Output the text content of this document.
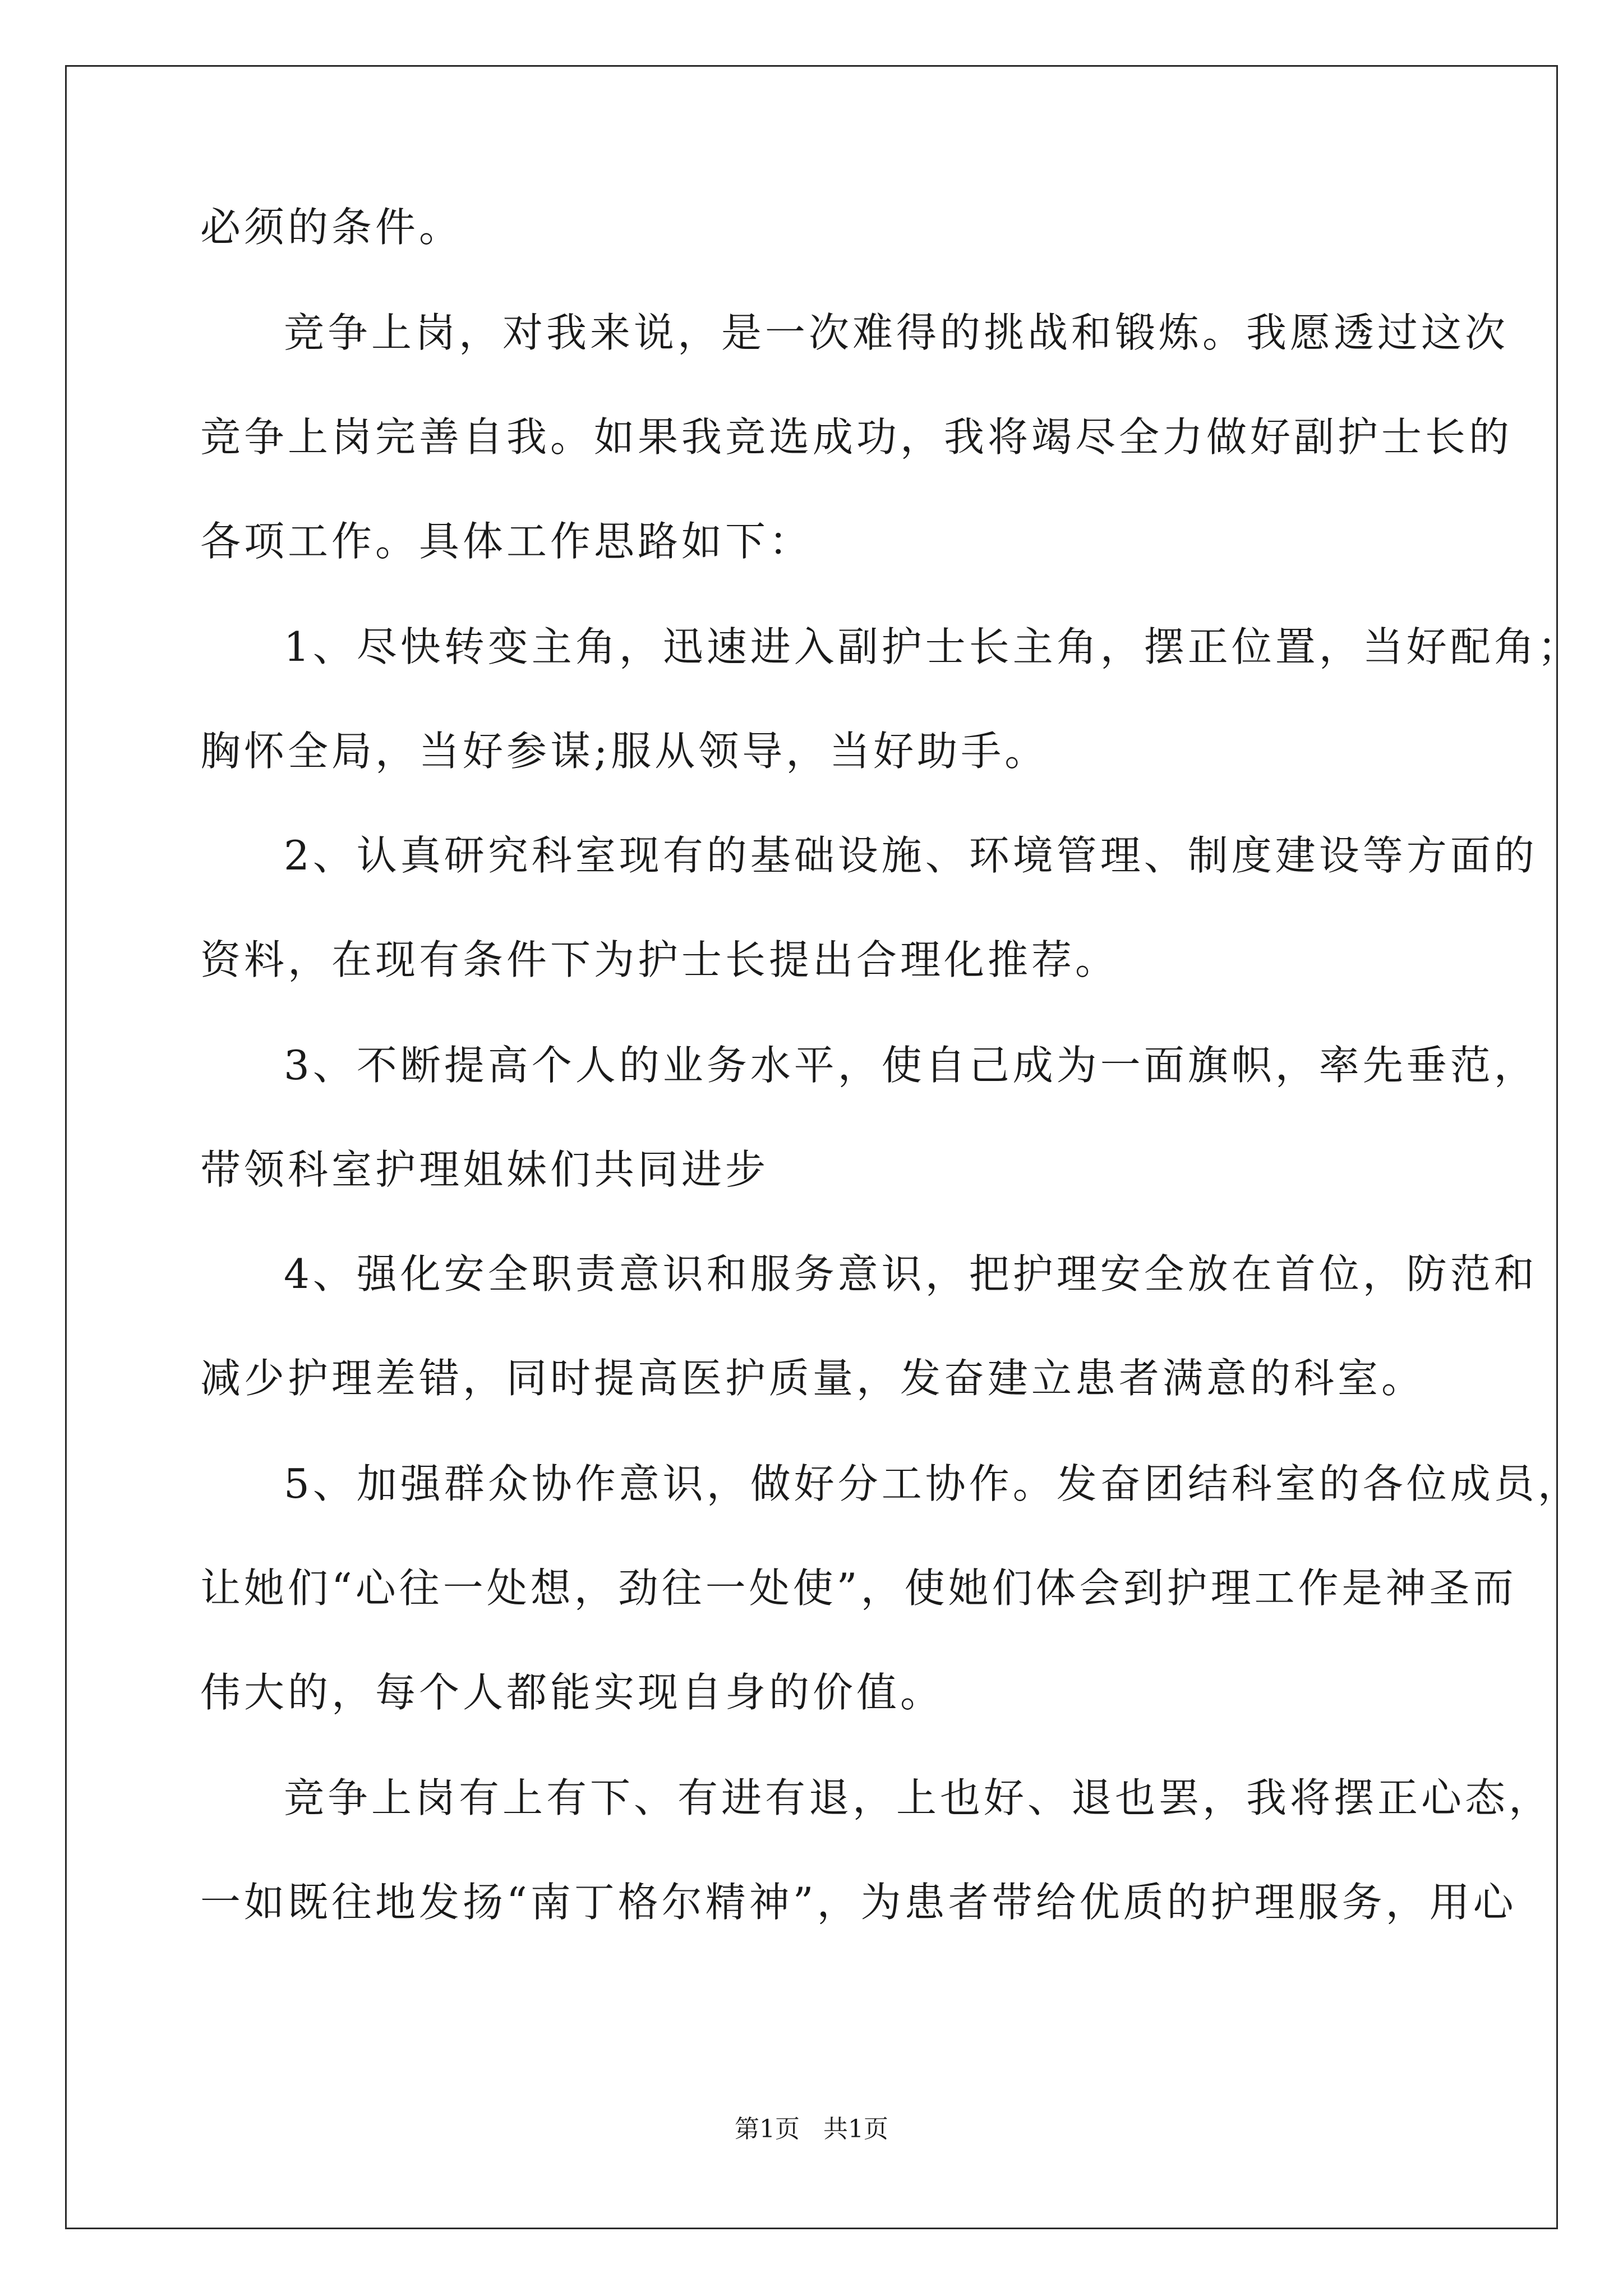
必须的条件。
竞争上岗，对我来说，是一次难得的挑战和锻炼。我愿透过这次
竞争上岗完善自我。如果我竞选成功，我将竭尽全力做好副护士长的
各项工作。具体工作思路如下：
1、尽快转变主角，迅速进入副护士长主角，摆正位置，当好配角；
胸怀全局，当好参谋;服从领导，当好助手。
2、认真研究科室现有的基础设施、环境管理、制度建设等方面的
资料，在现有条件下为护士长提出合理化推荐。
3、不断提高个人的业务水平，使自己成为一面旗帜，率先垂范，
带领科室护理姐妹们共同进步
4、强化安全职责意识和服务意识，把护理安全放在首位，防范和
减少护理差错，同时提高医护质量，发奋建立患者满意的科室。
5、加强群众协作意识，做好分工协作。发奋团结科室的各位成员，
让她们“心往一处想，劲往一处使”，使她们体会到护理工作是神圣而
伟大的，每个人都能实现自身的价值。
竞争上岗有上有下、有进有退，上也好、退也罢，我将摆正心态，
一如既往地发扬“南丁格尔精神”，为患者带给优质的护理服务，用心
第1页 共1页
